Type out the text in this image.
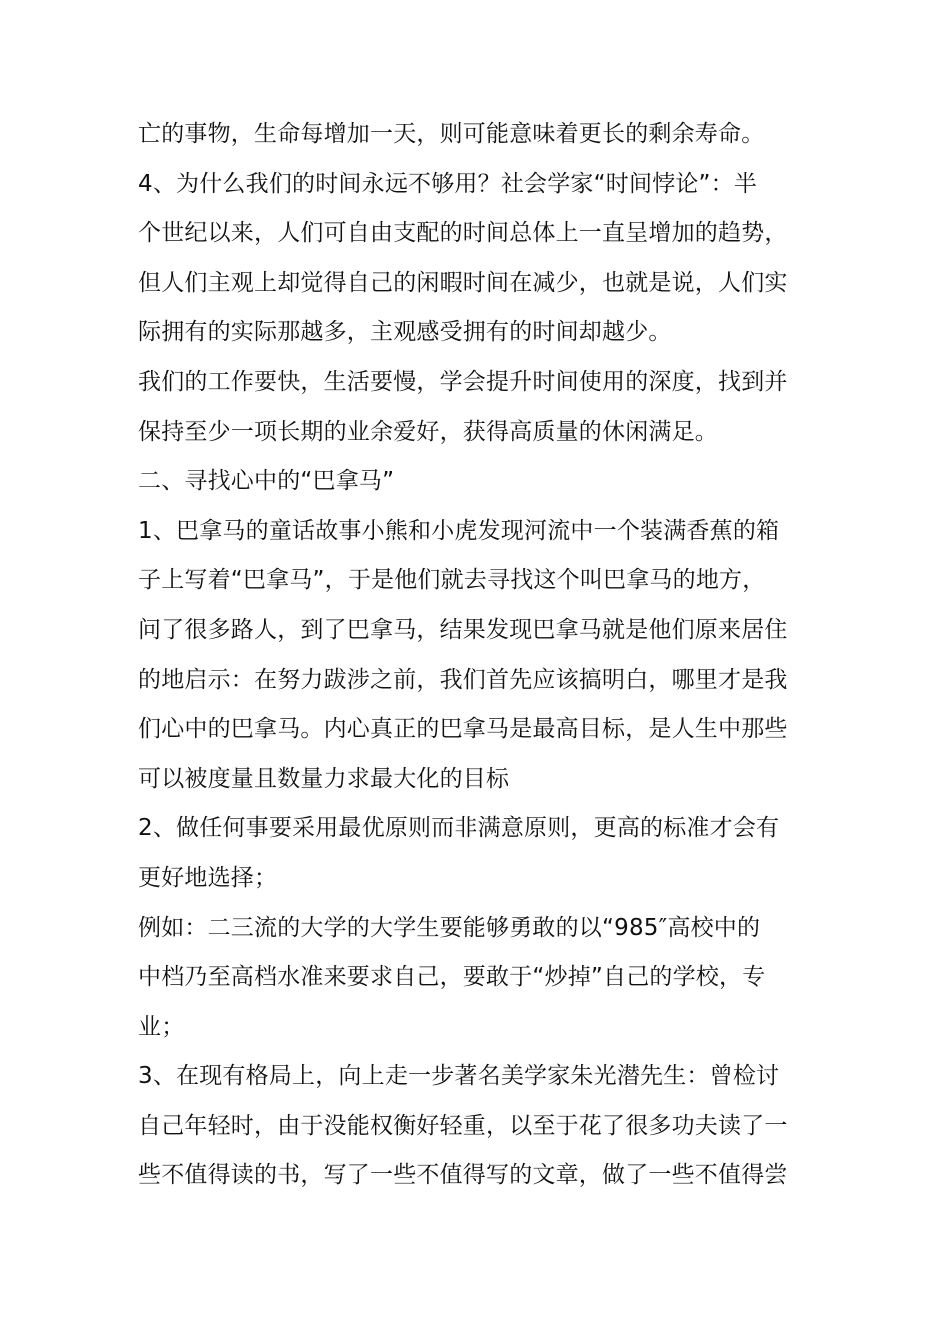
亡的事物，生命每增加一天，则可能意味着更长的剩余寿命。
4、为什么我们的时间永远不够用？社会学家“时间悖论”：半
个世纪以来，人们可自由支配的时间总体上一直呈增加的趋势，
但人们主观上却觉得自己的闲暇时间在减少，也就是说，人们实
际拥有的实际那越多，主观感受拥有的时间却越少。
我们的工作要快，生活要慢，学会提升时间使用的深度，找到并
保持至少一项长期的业余爱好，获得高质量的休闲满足。
二、寻找心中的“巴拿马”
1、巴拿马的童话故事小熊和小虎发现河流中一个装满香蕉的箱
子上写着“巴拿马”，于是他们就去寻找这个叫巴拿马的地方，
问了很多路人，到了巴拿马，结果发现巴拿马就是他们原来居住
的地启示：在努力跋涉之前，我们首先应该搞明白，哪里才是我
们心中的巴拿马。内心真正的巴拿马是最高目标，是人生中那些
可以被度量且数量力求最大化的目标
2、做任何事要采用最优原则而非满意原则，更高的标准才会有
更好地选择；
例如：二三流的大学的大学生要能够勇敢的以“985″高校中的
中档乃至高档水准来要求自己，要敢于“炒掉”自己的学校，专
业；
3、在现有格局上，向上走一步著名美学家朱光潜先生：曾检讨
自己年轻时，由于没能权衡好轻重，以至于花了很多功夫读了一
些不值得读的书，写了一些不值得写的文章，做了一些不值得尝
